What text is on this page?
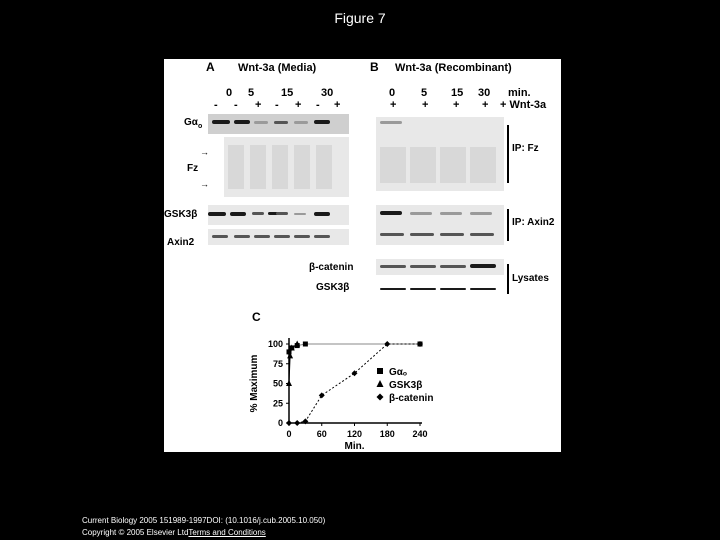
Figure 7
A Wnt-3a (Media)
0 5 15	30
- - + - + - +
$G\alpha_o$
→
Fz
→
GSK3β
Axin2
B Wnt-3a (Recombinant)
0 5 15 30 min.
+ + + + + Wnt-3a
IP: Fz
IP: Axin2
β-catenin
GSK3β
Lysates
C
0
25
50
75
100
0	60 120 180 240
Min.
% Maximum	Gαₒ
GSK3β
β-catenin
Current Biology 2005 151989-1997DOI: (10.1016/j.cub.2005.10.050)
Copyright © 2005 Elsevier LtdTerms and Conditions
